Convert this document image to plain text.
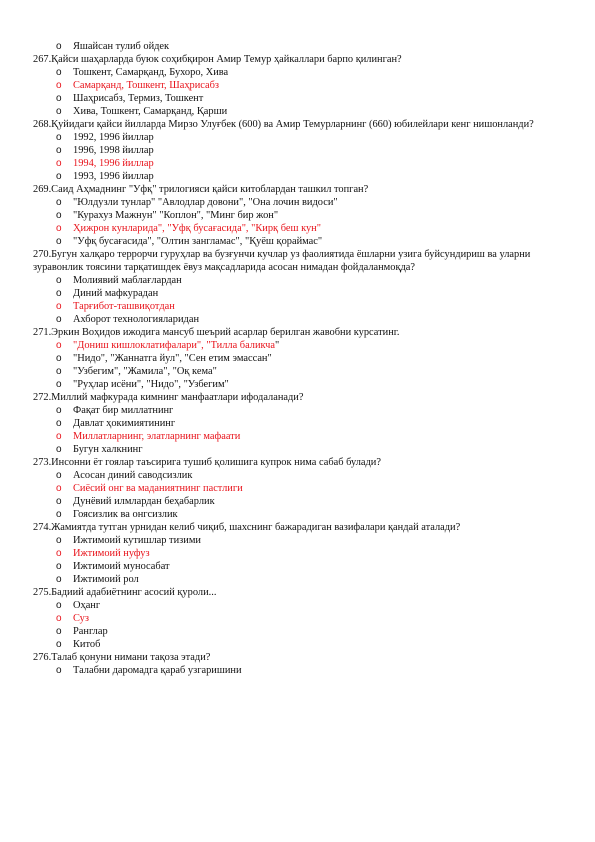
o Яшайсан тулиб ойдек
267.Қайси шаҳарларда буюк соҳибқирон Амир Темур ҳайкаллари барпо қилинган?
o Тошкент, Самарқанд, Бухоро, Хива
o Самарқанд, Тошкент, Шаҳрисабз
o Шаҳрисабз, Термиз, Тошкент
o Хива, Тошкент, Самарқанд, Қарши
268.Қуйидаги қайси йилларда Мирзо Улуғбек (600) ва Амир Темурларнинг (660) юбилейлари кенг нишонланди?
o 1992, 1996 йиллар
o 1996, 1998 йиллар
o 1994, 1996 йиллар
o 1993, 1996 йиллар
269.Саид Аҳмаднинг "Уфқ" трилогияси қайси китоблардан ташкил топган?
o "Юлдузли тунлар" "Авлодлар довони", "Она лочин видоси"
o "Курахуз Мажнун" "Коплон", "Минг бир жон"
o Ҳижрон кунларида", "Уфқ бусағасида", "Кирқ беш кун"
o "Уфқ бусағасида", "Олтин зангламас", "Қуёш қораймас"
270.Бугун халқаро террорчи гуруҳлар ва бузғунчи кучлар уз фаолиятида ёшларни узига буйсундириш ва уларни зуравонлик тоясини тарқатишдек ёвуз мақсадларида асосан нимадан фойдаланмоқда?
o Молиявий маблағлардан
o Диний мафкурадан
o Тарғибот-ташвиқотдан
o Ахборот технологияларидан
271.Эркин Воҳидов ижодига мансуб шеърий асарлар берилган жавобни курсатинг.
o "Дониш кишлоклатифалари", "Тилла баликча"
o "Нидо", "Жаннатга йул", "Сен етим эмассан"
o "Узбегим", "Жамила", "Оқ кема"
o "Руҳлар исёни", "Нидо", "Узбегим"
272.Миллий мафкурада кимнинг манфаатлари ифодаланади?
o Фақат бир миллатнинг
o Давлат ҳокимиятининг
o Миллатларнинг, элатларнинг мафаати
o Бугун халкнинг
273.Инсонни ёт гоялар таъсирига тушиб қолишига купрок нима сабаб булади?
o Асосан диний саводсизлик
o Сиёсий онг ва маданиятнинг пастлиги
o Дунёвий илмлардан беҳабарлик
o Гоясизлик ва онгсизлик
274.Жамиятда тутган урнидан келиб чиқиб, шахснинг бажарадиган вазифалари қандай аталади?
o Ижтимоий кутишлар тизими
o Ижтимоий нуфуз
o Ижтимоий муносабат
o Ижтимоий рол
275.Бадиий адабиётнинг асосий қуроли...
o Оҳанг
o Суз
o Ранглар
o Китоб
276.Талаб қонуни нимани тақоза этади?
o Талабни даромадга қараб узгаришини
